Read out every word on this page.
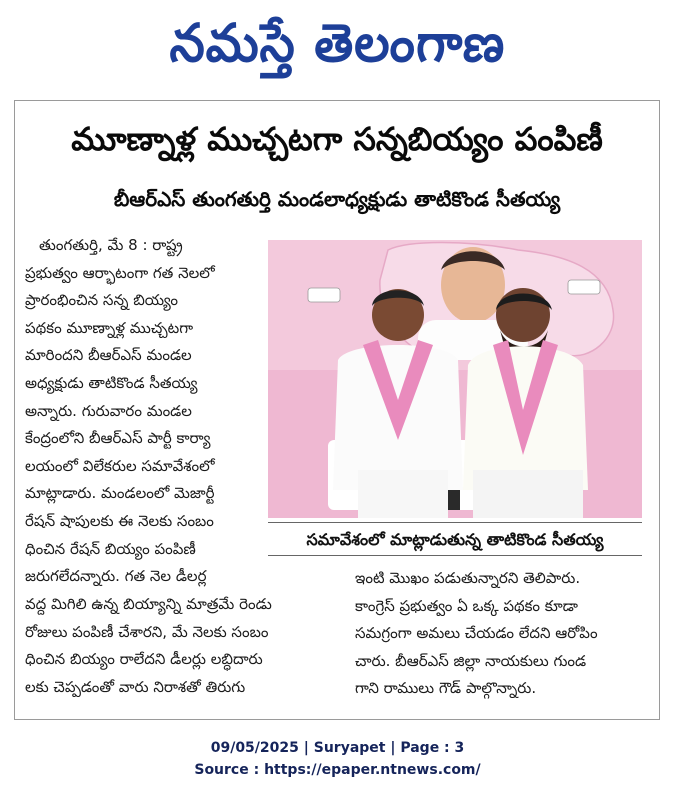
నమస్తే తెలంగాణ
మూణ్నాళ్ల ముచ్చటగా సన్నబియ్యం పంపిణీ
బీఆర్ఎస్ తుంగతుర్తి మండలాధ్యక్షుడు తాటికొండ సీతయ్య
తుంగతుర్తి, మే 8 : రాష్ట్ర
ప్రభుత్వం ఆర్భాటంగా గత నెలలో
ప్రారంభించిన సన్న బియ్యం
పథకం మూణ్నాళ్ల ముచ్చటగా
మారిందని బీఆర్ఎస్ మండల
అధ్యక్షుడు తాటికొండ సీతయ్య
అన్నారు. గురువారం మండల
కేంద్రంలోని బీఆర్ఎస్ పార్టీ కార్యా
లయంలో విలేకరుల సమావేశంలో
మాట్లాడారు. మండలంలో మెజార్టీ
రేషన్ షాపులకు ఈ నెలకు సంబం
ధించిన రేషన్ బియ్యం పంపిణీ
జరుగలేదన్నారు. గత నెల డీలర్ల
వద్ద మిగిలి ఉన్న బియ్యాన్ని మాత్రమే రెండు
రోజులు పంపిణీ చేశారని, మే నెలకు సంబం
ధించిన బియ్యం రాలేదని డీలర్లు లబ్ధిదారు
లకు చెప్పడంతో వారు నిరాశతో తిరుగు
సమావేశంలో మాట్లాడుతున్న తాటికొండ సీతయ్య
ఇంటి మొఖం పడుతున్నారని తెలిపారు.
కాంగ్రెస్ ప్రభుత్వం ఏ ఒక్క పథకం కూడా
సమగ్రంగా అమలు చేయడం లేదని ఆరోపిం
చారు. బీఆర్ఎస్ జిల్లా నాయకులు గుండ
గాని రాములు గౌడ్ పాల్గొన్నారు.
09/05/2025 | Suryapet | Page : 3
Source : https://epaper.ntnews.com/
